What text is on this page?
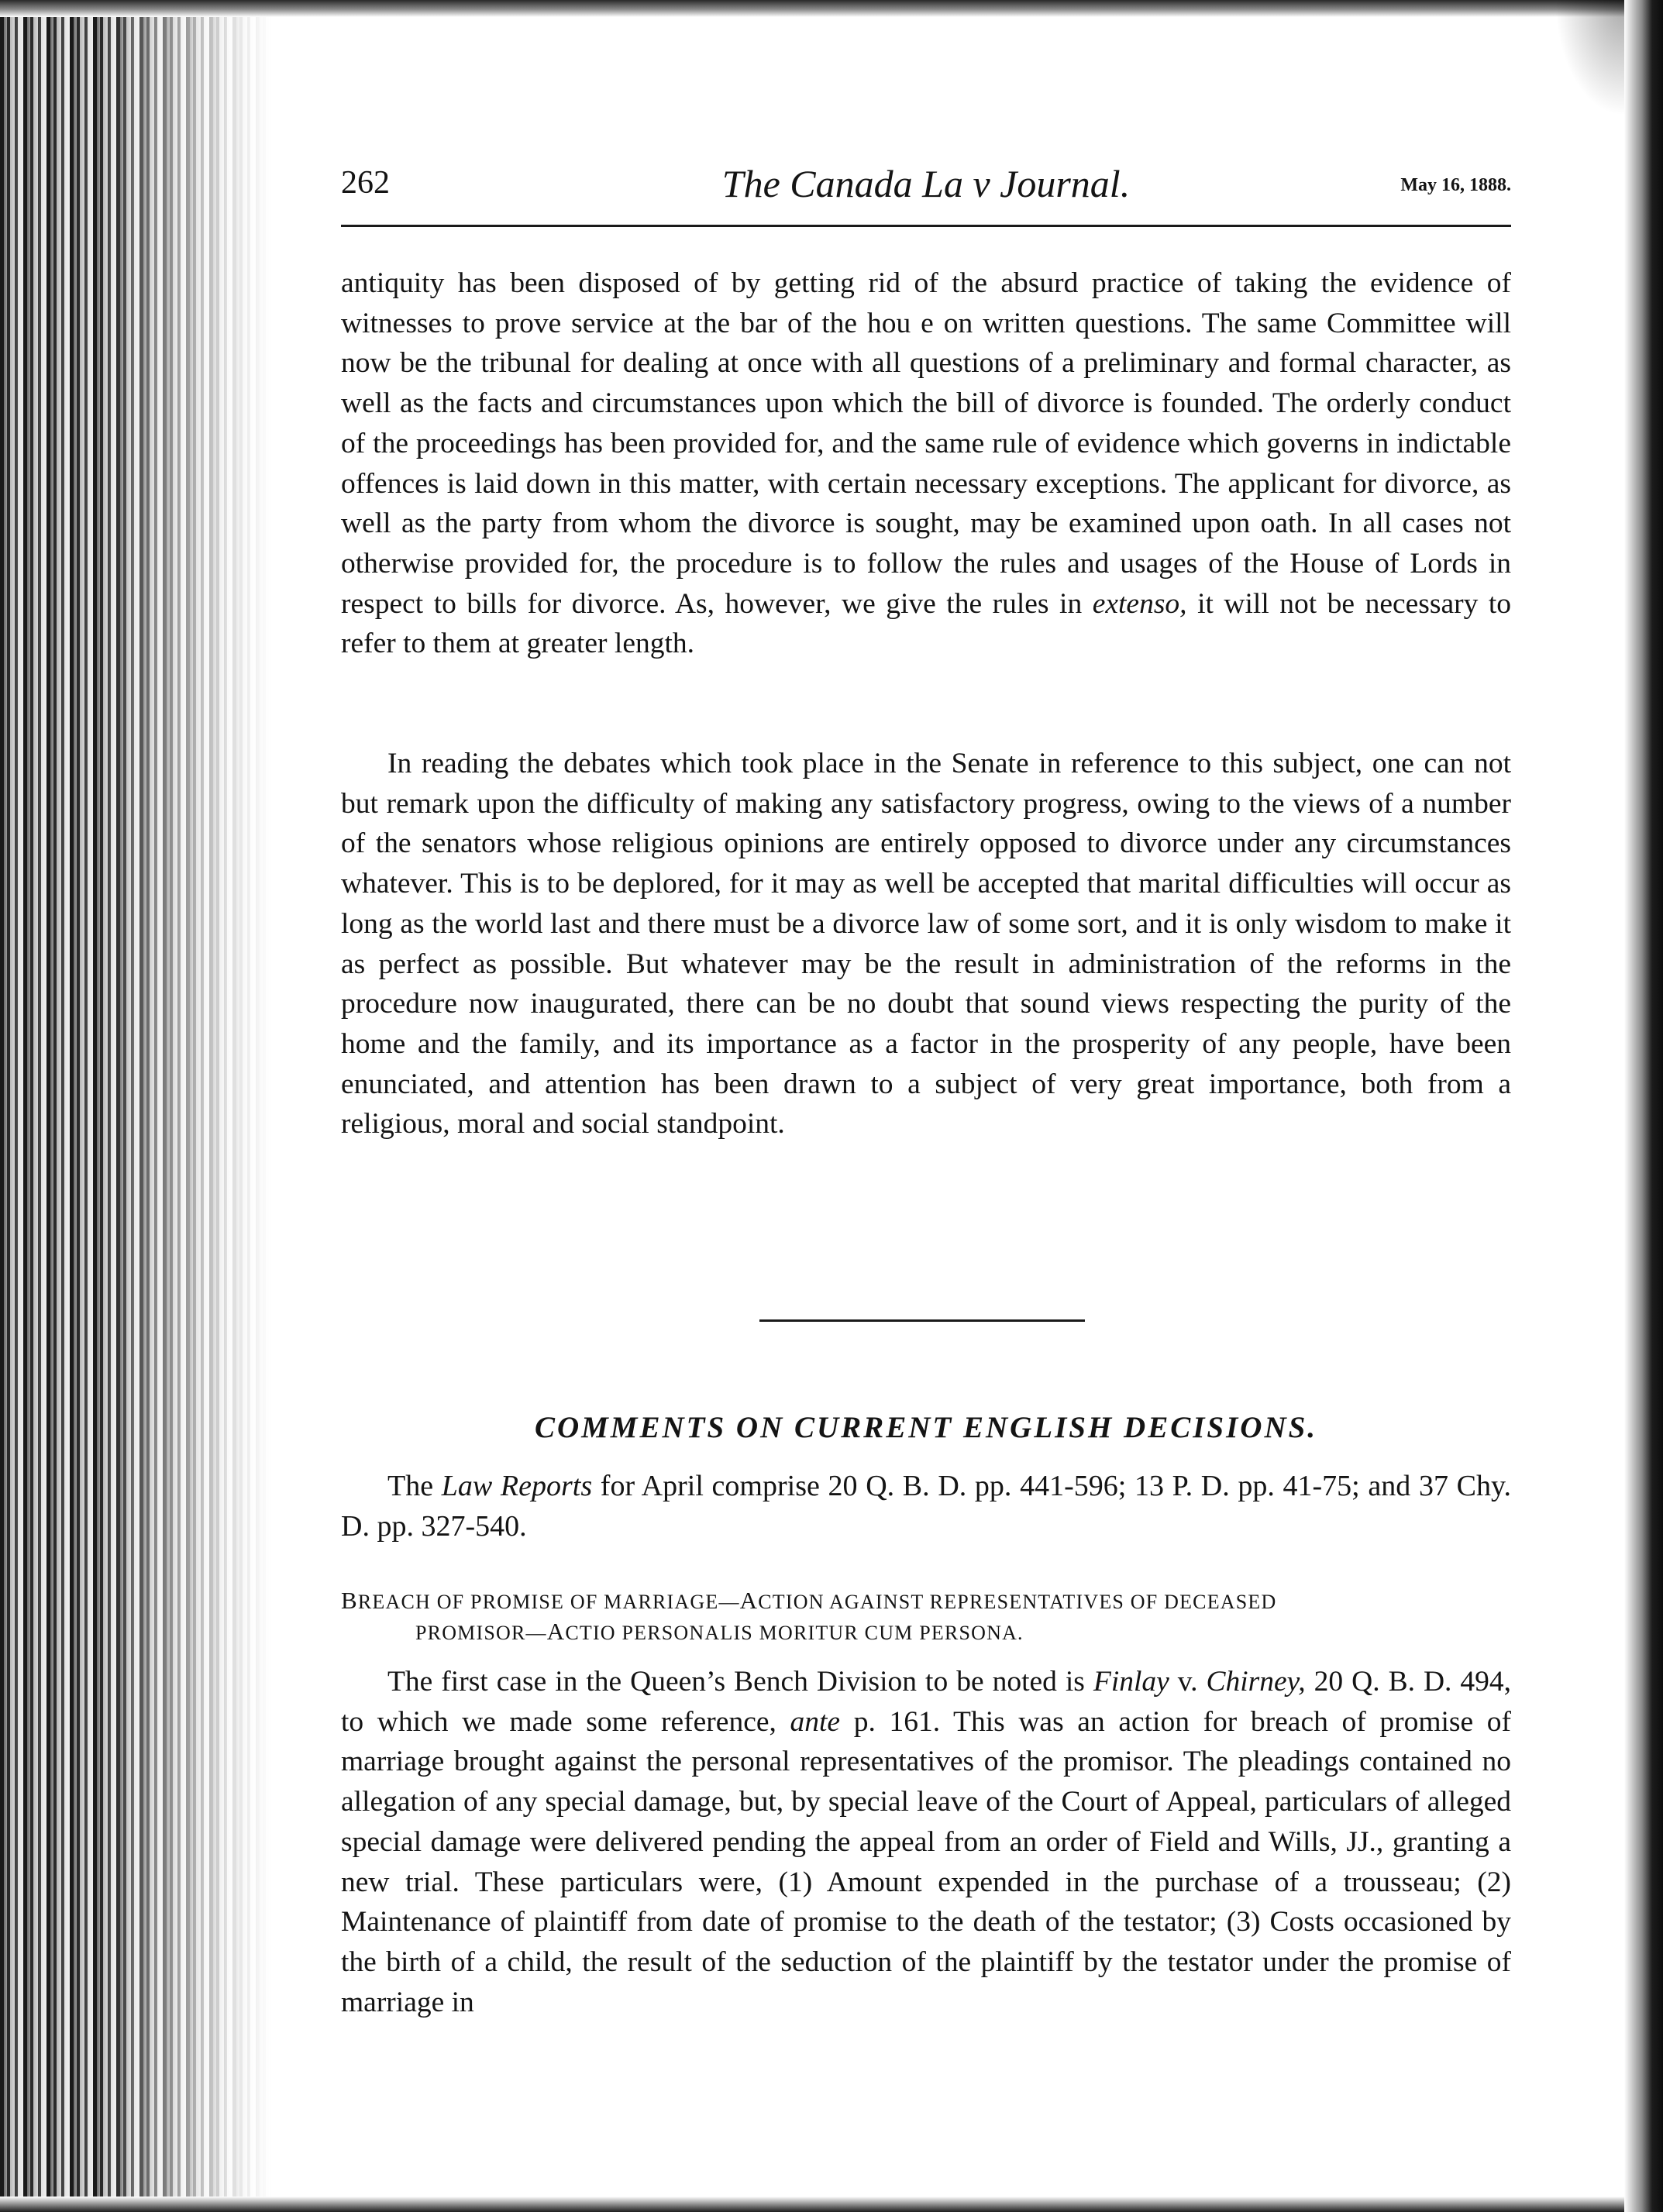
262	The Canada La v Journal.	May 16, 1888.

antiquity has been disposed of by getting rid of the absurd practice of taking the evidence of witnesses to prove service at the bar of the hou e on written questions. The same Committee will now be the tribunal for dealing at once with all questions of a preliminary and formal character, as well as the facts and circumstances upon which the bill of divorce is founded. The orderly conduct of the proceedings has been provided for, and the same rule of evidence which governs in indictable offences is laid down in this matter, with certain necessary exceptions. The applicant for divorce, as well as the party from whom the divorce is sought, may be examined upon oath. In all cases not otherwise provided for, the procedure is to follow the rules and usages of the House of Lords in respect to bills for divorce. As, however, we give the rules in extenso, it will not be necessary to refer to them at greater length.

In reading the debates which took place in the Senate in reference to this subject, one can not but remark upon the difficulty of making any satisfactory progress, owing to the views of a number of the senators whose religious opinions are entirely opposed to divorce under any circumstances whatever. This is to be deplored, for it may as well be accepted that marital difficulties will occur as long as the world last and there must be a divorce law of some sort, and it is only wisdom to make it as perfect as possible. But whatever may be the result in administration of the reforms in the procedure now inaugurated, there can be no doubt that sound views respecting the purity of the home and the family, and its importance as a factor in the prosperity of any people, have been enunciated, and attention has been drawn to a subject of very great importance, both from a religious, moral and social standpoint.

COMMENTS ON CURRENT ENGLISH DECISIONS.

The Law Reports for April comprise 20 Q. B. D. pp. 441-596; 13 P. D. pp. 41-75; and 37 Chy. D. pp. 327-540.

BREACH OF PROMISE OF MARRIAGE—ACTION AGAINST REPRESENTATIVES OF DECEASED
PROMISOR—ACTIO PERSONALIS MORITUR CUM PERSONA.

The first case in the Queen’s Bench Division to be noted is Finlay v. Chirney, 20 Q. B. D. 494, to which we made some reference, ante p. 161. This was an action for breach of promise of marriage brought against the personal representatives of the promisor. The pleadings contained no allegation of any special damage, but, by special leave of the Court of Appeal, particulars of alleged special damage were delivered pending the appeal from an order of Field and Wills, JJ., granting a new trial. These particulars were, (1) Amount expended in the purchase of a trousseau; (2) Maintenance of plaintiff from date of promise to the death of the testator; (3) Costs occasioned by the birth of a child, the result of the seduction of the plaintiff by the testator under the promise of marriage in
